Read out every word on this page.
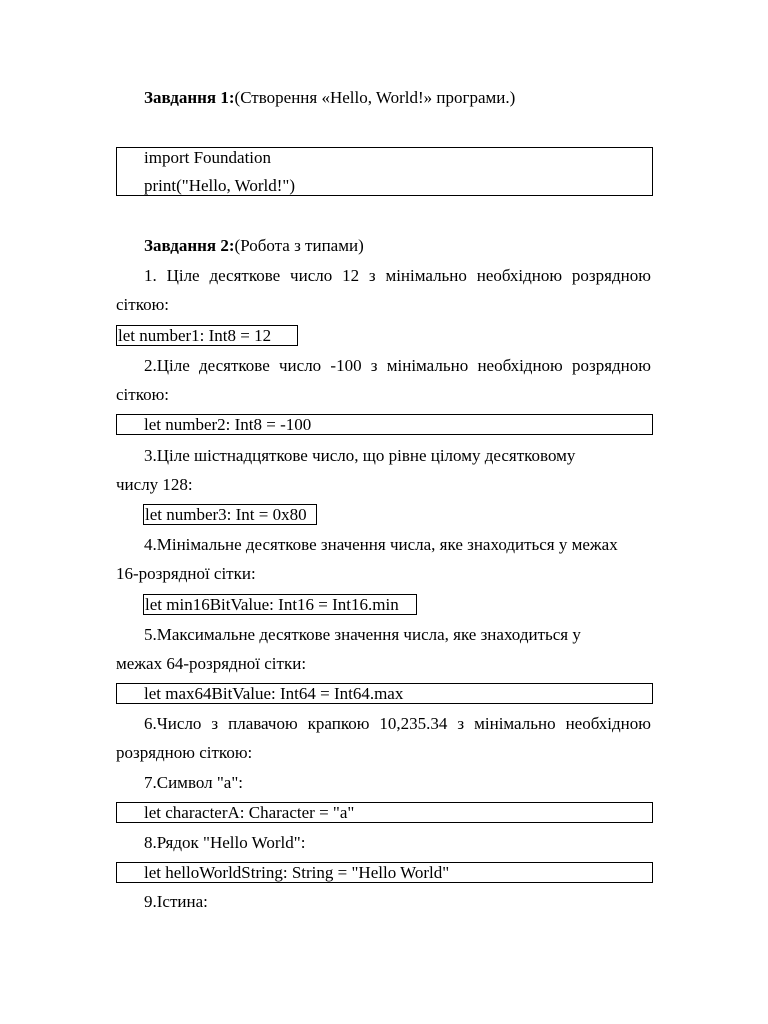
Завдання 1:(Створення «Hello, World!» програми.)
import Foundation
print("Hello, World!")
Завдання 2:(Робота з типами)
1. Ціле десяткове число 12 з мінімально необхідною розрядною
сіткою:
let number1: Int8 = 12
2.Ціле десяткове число -100 з мінімально необхідною розрядною
сіткою:
let number2: Int8 = -100
3.Ціле шістнадцяткове число, що рівне цілому десятковому
числу 128:
let number3: Int = 0x80
4.Мінімальне десяткове значення числа, яке знаходиться у межах
16-розрядної сітки:
let min16BitValue: Int16 = Int16.min
5.Максимальне десяткове значення числа, яке знаходиться у
межах 64-розрядної сітки:
let max64BitValue: Int64 = Int64.max
6.Число з плавачою крапкою 10,235.34 з мінімально необхідною
розрядною сіткою:
7.Символ "a":
let characterA: Character = "a"
8.Рядок "Hello World":
let helloWorldString: String = "Hello World"
9.Істина:
